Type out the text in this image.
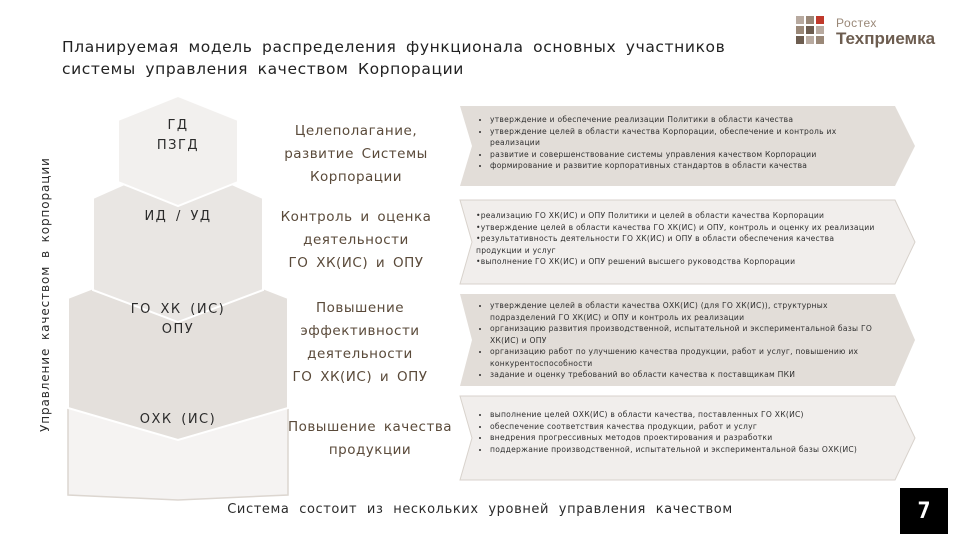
Планируемая модель распределения функционала основных участников
системы управления качеством Корпорации
Управление качеством в корпорации
Ростех
Техприемка
ГД
ПЗГД
ИД / УД
ГО ХК (ИС)
ОПУ
ОХК (ИС)
Целеполагание,
развитие Системы
Корпорации
Контроль и оценка
деятельности
ГО ХК(ИС) и ОПУ
Повышение
эффективности
деятельности
ГО ХК(ИС) и ОПУ
Повышение качества
продукции
• утверждение и обеспечение реализации Политики в области качества
• утверждение целей в области качества Корпорации, обеспечение и контроль их реализации
• развитие и совершенствование системы управления качеством Корпорации
• формирование и развитие корпоративных стандартов в области качества
•реализацию ГО ХК(ИС) и ОПУ Политики и целей в области качества Корпорации
•утверждение целей в области качества ГО ХК(ИС) и ОПУ, контроль и оценку их реализации
•результативность деятельности ГО ХК(ИС) и ОПУ в области обеспечения качества продукции и услуг
•выполнение ГО ХК(ИС) и ОПУ решений высшего руководства Корпорации
• утверждение целей в области качества ОХК(ИС) (для ГО ХК(ИС)), структурных подразделений ГО ХК(ИС) и ОПУ и контроль их реализации
• организацию развития производственной, испытательной и экспериментальной базы ГО ХК(ИС) и ОПУ
• организацию работ по улучшению качества продукции, работ и услуг, повышению их конкурентоспособности
• задание и оценку требований во области качества к поставщикам ПКИ
• выполнение целей ОХК(ИС) в области качества, поставленных ГО ХК(ИС)
• обеспечение соответствия качества продукции, работ и услуг
• внедрения прогрессивных методов проектирования и разработки
• поддержание производственной, испытательной и экспериментальной базы ОХК(ИС)
Система состоит из нескольких уровней управления качеством	7
